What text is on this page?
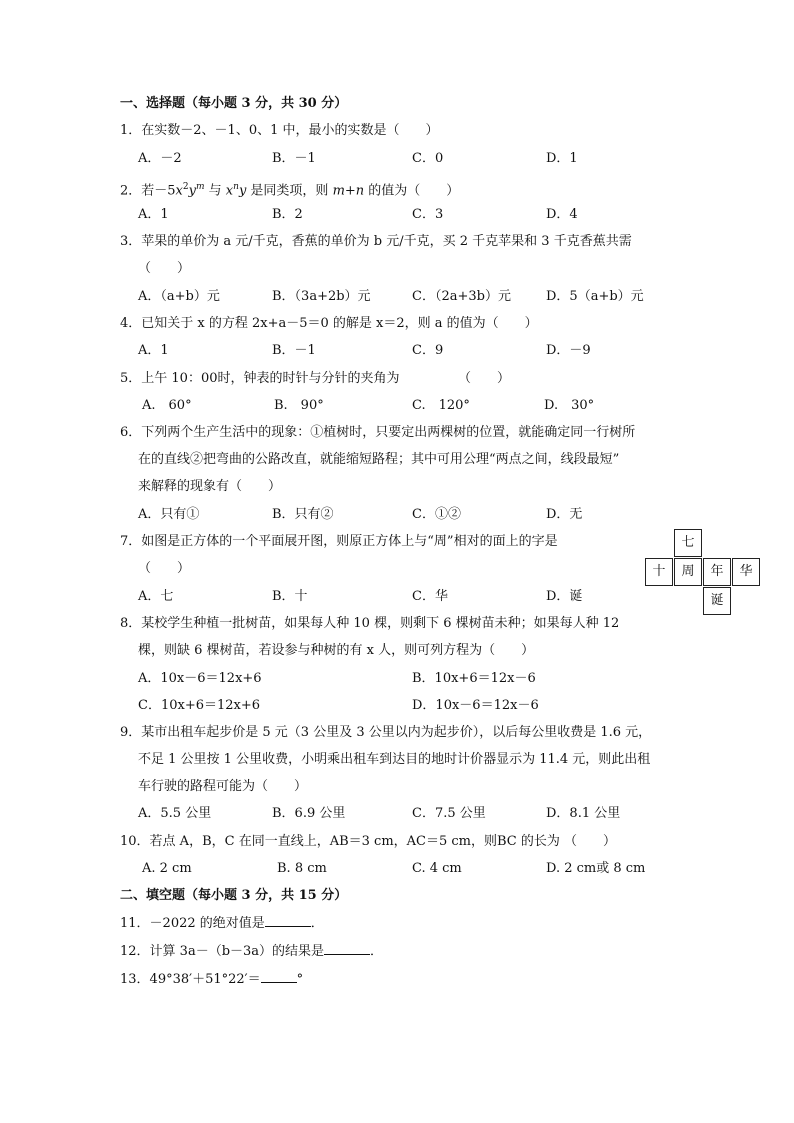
一、选择题（每小题 3 分，共 30 分）
1．在实数－2、－1、0、1 中，最小的实数是（　　）
A．－2	B．－1	C．0	D．1
2．若$-5x^2y^m$ 与 $x^ny$ 是同类项，则 m+n 的值为（　　）
A．1	B．2	C．3	D．4
3．苹果的单价为 a 元/千克，香蕉的单价为 b 元/千克，买 2 千克苹果和 3 千克香蕉共需
（　　）
A．（a+b）元	B．（3a+2b）元	C．（2a+3b）元	D．5（a+b）元
4．已知关于 x 的方程 2x+a－5＝0 的解是 x＝2，则 a 的值为（　　）
A．1	B．－1	C．9	D．－9
5．上午 10：00时，钟表的时针与分针的夹角为　　　　　（　　）
A.　60°	B.　90°	C.　120°	D.　30°
6．下列两个生产生活中的现象：①植树时，只要定出两棵树的位置，就能确定同一行树所
在的直线②把弯曲的公路改直，就能缩短路程；其中可用公理“两点之间，线段最短”
来解释的现象有（　　）
A．只有①	B．只有②	C．①②	D．无
7．如图是正方体的一个平面展开图，则原正方体上与“周”相对的面上的字是
（　　）
A．七	B．十	C．华	D．诞
七
十	周	年	华
诞
8．某校学生种植一批树苗，如果每人种 10 棵，则剩下 6 棵树苗未种；如果每人种 12
棵，则缺 6 棵树苗，若设参与种树的有 x 人，则可列方程为（　　）
A．10x－6＝12x+6	B．10x+6＝12x－6
C．10x+6＝12x+6	D．10x－6＝12x－6
9．某市出租车起步价是 5 元（3 公里及 3 公里以内为起步价），以后每公里收费是 1.6 元，
不足 1 公里按 1 公里收费，小明乘出租车到达目的地时计价器显示为 11.4 元，则此出租
车行驶的路程可能为（　　）
A．5.5 公里	B．6.9 公里	C．7.5 公里	D．8.1 公里
10．若点 A，B，C 在同一直线上，AB＝3 cm，AC＝5 cm，则BC 的长为 （　　）
A. 2 cm	B. 8 cm	C. 4 cm	D. 2 cm或 8 cm
二、填空题（每小题 3 分，共 15 分）
11．－2022 的绝对值是	．
12．计算 3a－（b－3a）的结果是	．
13．49°38′＋51°22′＝	°
